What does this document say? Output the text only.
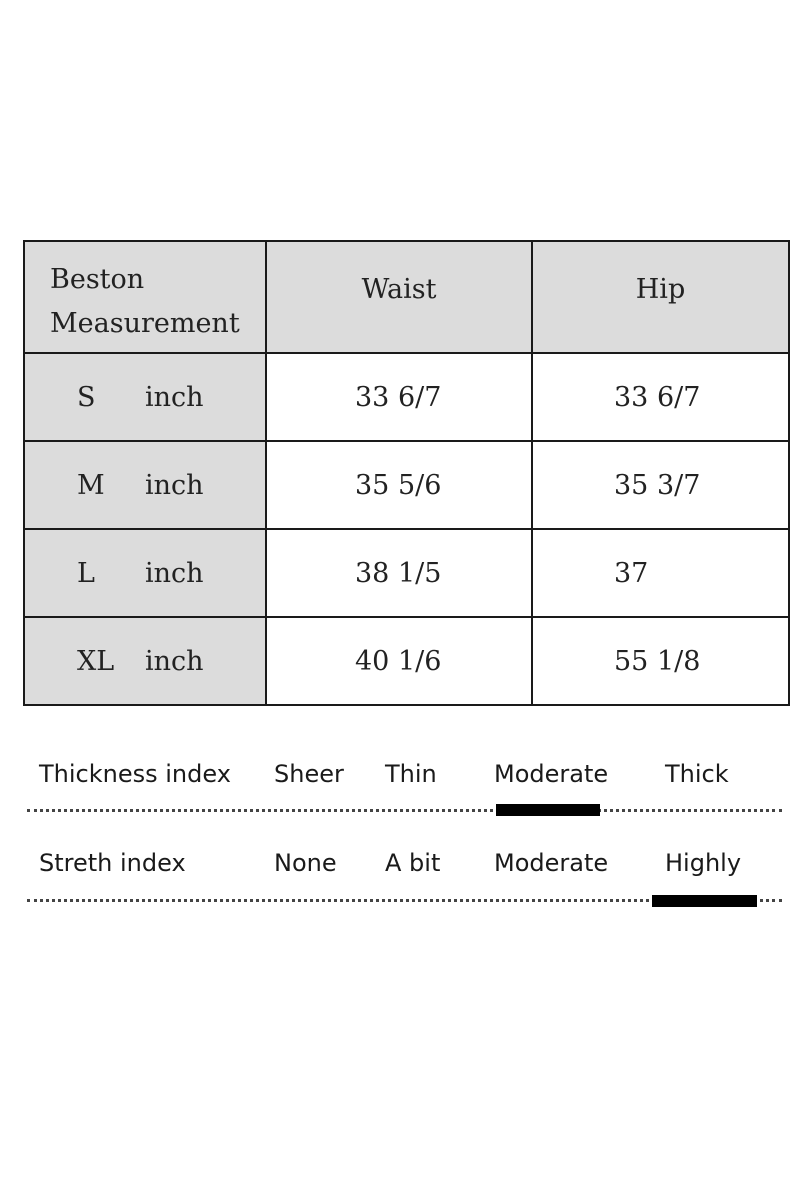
Beston
Measurement	Waist	Hip
S inch	33 6/7	33 6/7
M inch	35 5/6	35 3/7
L inch	38 1/5	37
XL inch	40 1/6	55 1/8
Thickness index Sheer Thin Moderate Thick
Streth index	None A bit Moderate Highly
